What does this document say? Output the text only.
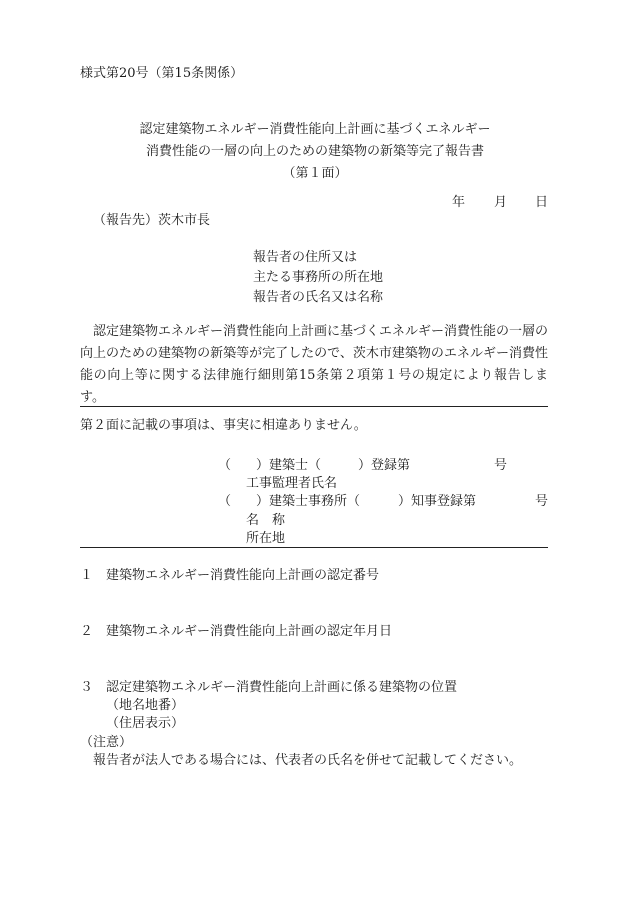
様式第20号（第15条関係）
認定建築物エネルギー消費性能向上計画に基づくエネルギー
消費性能の一層の向上のための建築物の新築等完了報告書
（第１面）
年 月 日
（報告先）茨木市長
報告者の住所又は
主たる事務所の所在地
報告者の氏名又は名称
認定建築物エネルギー消費性能向上計画に基づくエネルギー消費性能の一層の向上のための建築物の新築等が完了したので、茨木市建築物のエネルギー消費性能の向上等に関する法律施行細則第15条第２項第１号の規定により報告します。
第２面に記載の事項は、事実に相違ありません。
（ ）建築士（	）登録第	号
工事監理者氏名
（ ）建築士事務所（	）知事登録第	号
名　称
所在地
１ 建築物エネルギー消費性能向上計画の認定番号
２ 建築物エネルギー消費性能向上計画の認定年月日
３ 認定建築物エネルギー消費性能向上計画に係る建築物の位置
（地名地番）
（住居表示）
（注意）
報告者が法人である場合には、代表者の氏名を併せて記載してください。
